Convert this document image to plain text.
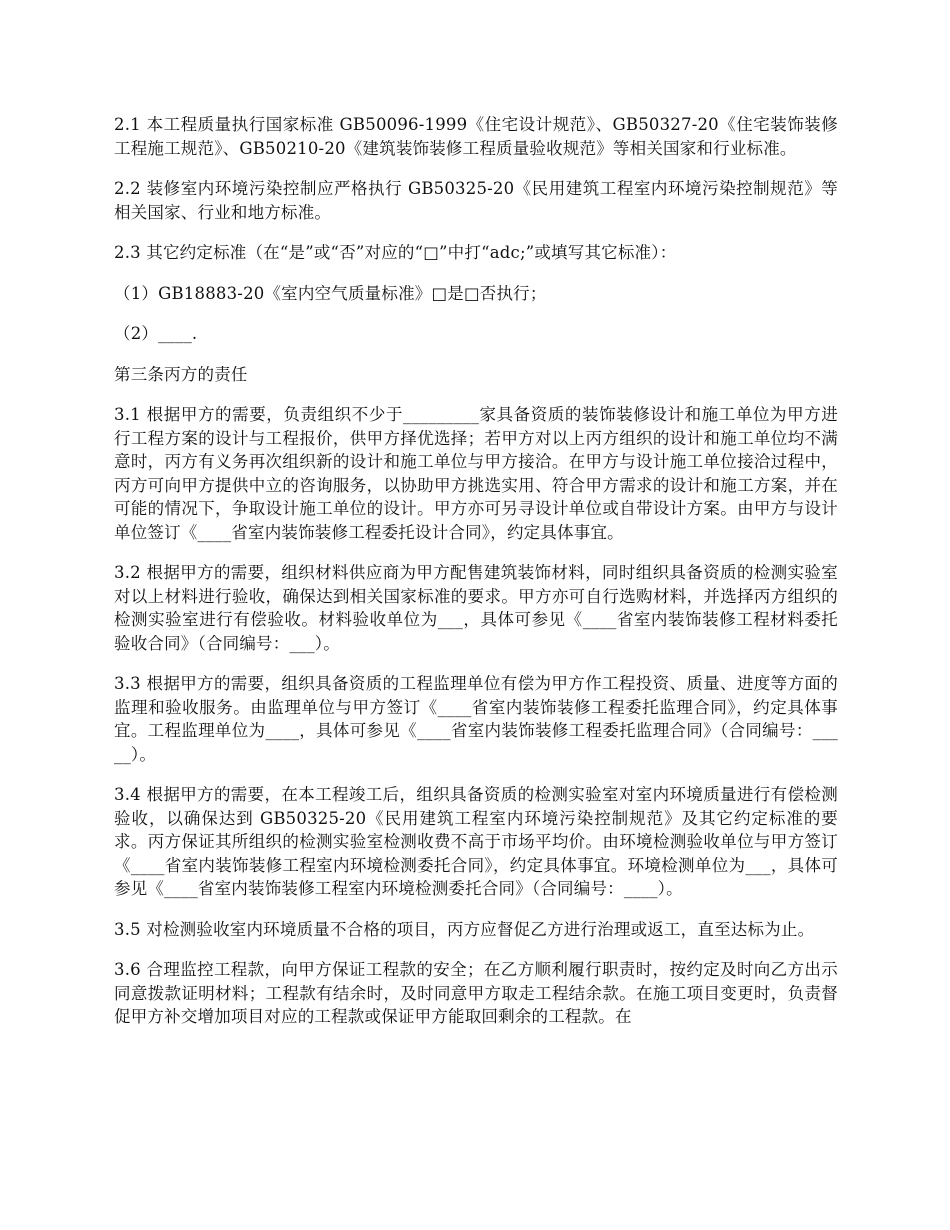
2.1 本工程质量执行国家标准 GB50096-1999《住宅设计规范》、GB50327-20《住宅装饰装修工程施工规范》、GB50210-20《建筑装饰装修工程质量验收规范》等相关国家和行业标准。

2.2 装修室内环境污染控制应严格执行 GB50325-20《民用建筑工程室内环境污染控制规范》等相关国家、行业和地方标准。

2.3 其它约定标准（在“是”或“否”对应的“□”中打“adc;”或填写其它标准）：

（1）GB18883-20《室内空气质量标准》□是□否执行；

（2）____.

第三条丙方的责任

3.1 根据甲方的需要，负责组织不少于_________家具备资质的装饰装修设计和施工单位为甲方进行工程方案的设计与工程报价，供甲方择优选择；若甲方对以上丙方组织的设计和施工单位均不满意时，丙方有义务再次组织新的设计和施工单位与甲方接洽。在甲方与设计施工单位接洽过程中，丙方可向甲方提供中立的咨询服务，以协助甲方挑选实用、符合甲方需求的设计和施工方案，并在可能的情况下，争取设计施工单位的设计。甲方亦可另寻设计单位或自带设计方案。由甲方与设计单位签订《____省室内装饰装修工程委托设计合同》，约定具体事宜。

3.2 根据甲方的需要，组织材料供应商为甲方配售建筑装饰材料，同时组织具备资质的检测实验室对以上材料进行验收，确保达到相关国家标准的要求。甲方亦可自行选购材料，并选择丙方组织的检测实验室进行有偿验收。材料验收单位为___，具体可参见《____省室内装饰装修工程材料委托验收合同》（合同编号：___）。

3.3 根据甲方的需要，组织具备资质的工程监理单位有偿为甲方作工程投资、质量、进度等方面的监理和验收服务。由监理单位与甲方签订《____省室内装饰装修工程委托监理合同》，约定具体事宜。工程监理单位为____，具体可参见《____省室内装饰装修工程委托监理合同》（合同编号：_____）。

3.4 根据甲方的需要，在本工程竣工后，组织具备资质的检测实验室对室内环境质量进行有偿检测验收，以确保达到 GB50325-20《民用建筑工程室内环境污染控制规范》及其它约定标准的要求。丙方保证其所组织的检测实验室检测收费不高于市场平均价。由环境检测验收单位与甲方签订《____省室内装饰装修工程室内环境检测委托合同》，约定具体事宜。环境检测单位为___，具体可参见《____省室内装饰装修工程室内环境检测委托合同》（合同编号：____）。

3.5 对检测验收室内环境质量不合格的项目，丙方应督促乙方进行治理或返工，直至达标为止。

3.6 合理监控工程款，向甲方保证工程款的安全；在乙方顺利履行职责时，按约定及时向乙方出示同意拨款证明材料；工程款有结余时，及时同意甲方取走工程结余款。在施工项目变更时，负责督促甲方补交增加项目对应的工程款或保证甲方能取回剩余的工程款。在
